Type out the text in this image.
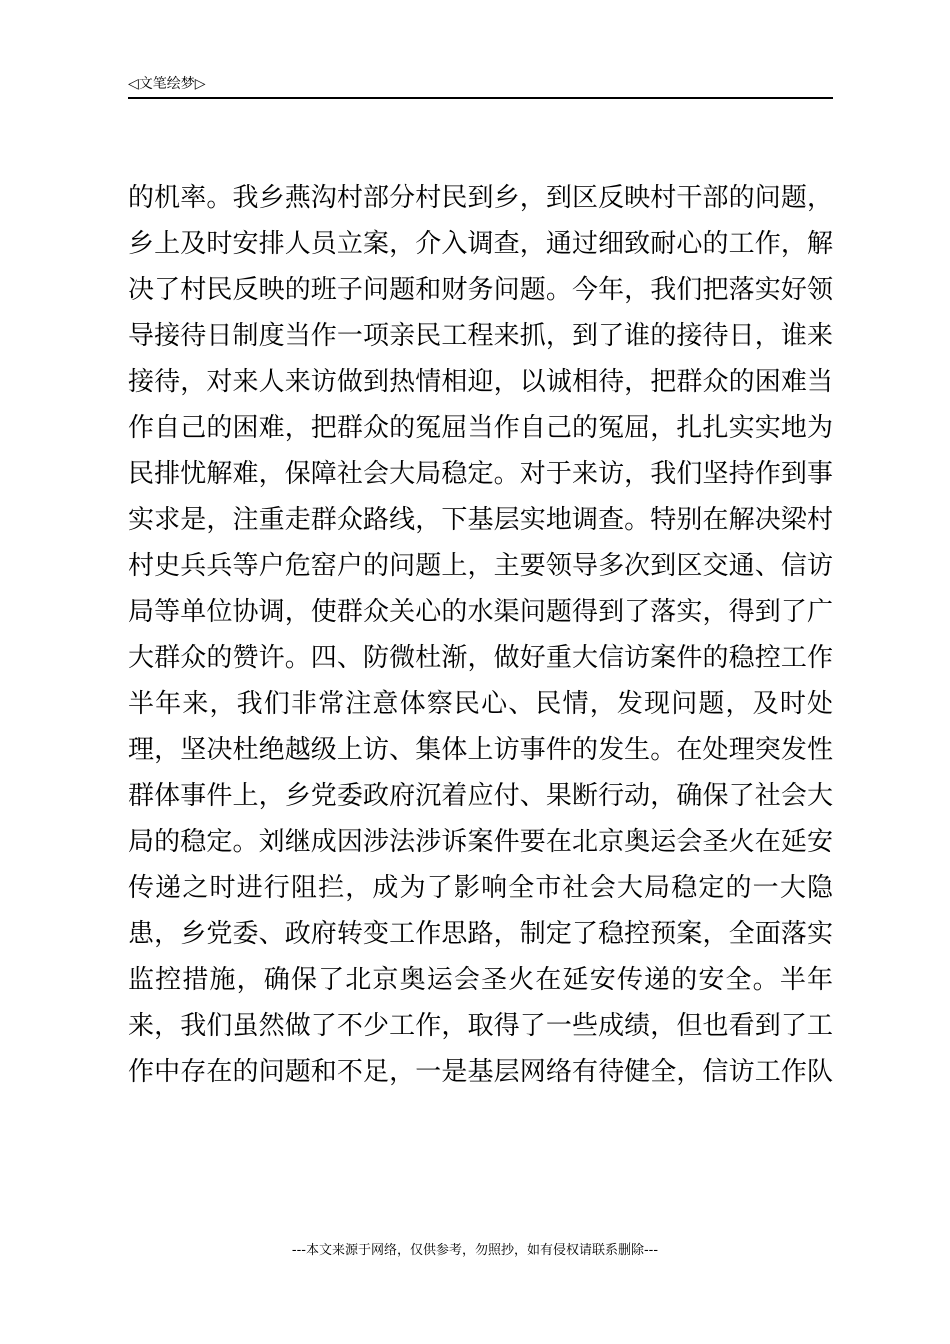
◁文笔绘梦▷
的机率。我乡燕沟村部分村民到乡，到区反映村干部的问题，
乡上及时安排人员立案，介入调查，通过细致耐心的工作，解
决了村民反映的班子问题和财务问题。今年，我们把落实好领
导接待日制度当作一项亲民工程来抓，到了谁的接待日，谁来
接待，对来人来访做到热情相迎，以诚相待，把群众的困难当
作自己的困难，把群众的冤屈当作自己的冤屈，扎扎实实地为
民排忧解难，保障社会大局稳定。对于来访，我们坚持作到事
实求是，注重走群众路线，下基层实地调查。特别在解决梁村
村史兵兵等户危窑户的问题上，主要领导多次到区交通、信访
局等单位协调，使群众关心的水渠问题得到了落实，得到了广
大群众的赞许。四、防微杜渐，做好重大信访案件的稳控工作
半年来，我们非常注意体察民心、民情，发现问题，及时处
理，坚决杜绝越级上访、集体上访事件的发生。在处理突发性
群体事件上，乡党委政府沉着应付、果断行动，确保了社会大
局的稳定。刘继成因涉法涉诉案件要在北京奥运会圣火在延安
传递之时进行阻拦，成为了影响全市社会大局稳定的一大隐
患，乡党委、政府转变工作思路，制定了稳控预案，全面落实
监控措施，确保了北京奥运会圣火在延安传递的安全。半年
来，我们虽然做了不少工作，取得了一些成绩，但也看到了工
作中存在的问题和不足，一是基层网络有待健全，信访工作队
---本文来源于网络，仅供参考，勿照抄，如有侵权请联系删除---
